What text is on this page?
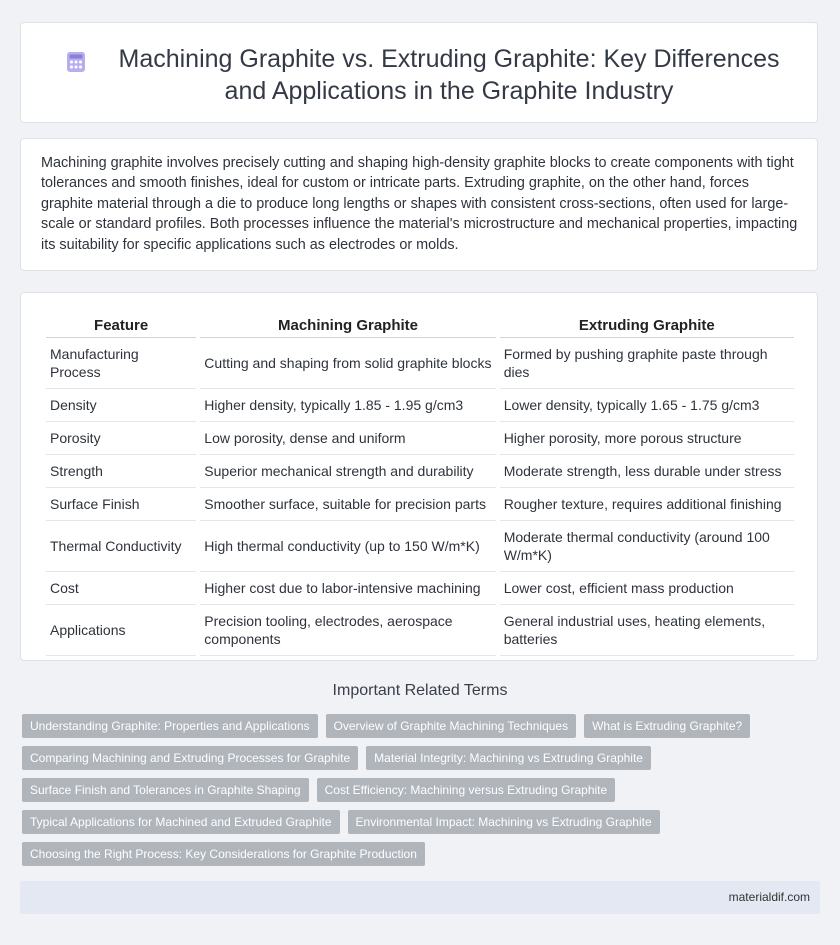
Machining Graphite vs. Extruding Graphite: Key Differences and Applications in the Graphite Industry

Machining graphite involves precisely cutting and shaping high-density graphite blocks to create components with tight tolerances and smooth finishes, ideal for custom or intricate parts. Extruding graphite, on the other hand, forces graphite material through a die to produce long lengths or shapes with consistent cross-sections, often used for large-scale or standard profiles. Both processes influence the material's microstructure and mechanical properties, impacting its suitability for specific applications such as electrodes or molds.

Feature	Machining Graphite	Extruding Graphite
Manufacturing Process	Cutting and shaping from solid graphite blocks	Formed by pushing graphite paste through dies
Density	Higher density, typically 1.85 - 1.95 g/cm3	Lower density, typically 1.65 - 1.75 g/cm3
Porosity	Low porosity, dense and uniform	Higher porosity, more porous structure
Strength	Superior mechanical strength and durability	Moderate strength, less durable under stress
Surface Finish	Smoother surface, suitable for precision parts	Rougher texture, requires additional finishing
Thermal Conductivity	High thermal conductivity (up to 150 W/m*K)	Moderate thermal conductivity (around 100 W/m*K)
Cost	Higher cost due to labor-intensive machining	Lower cost, efficient mass production
Applications	Precision tooling, electrodes, aerospace components	General industrial uses, heating elements, batteries
Important Related Terms
Understanding Graphite: Properties and Applications	Overview of Graphite Machining Techniques	What is Extruding Graphite?
Comparing Machining and Extruding Processes for Graphite	Material Integrity: Machining vs Extruding Graphite
Surface Finish and Tolerances in Graphite Shaping	Cost Efficiency: Machining versus Extruding Graphite
Typical Applications for Machined and Extruded Graphite	Environmental Impact: Machining vs Extruding Graphite
Choosing the Right Process: Key Considerations for Graphite Production
materialdif.com
